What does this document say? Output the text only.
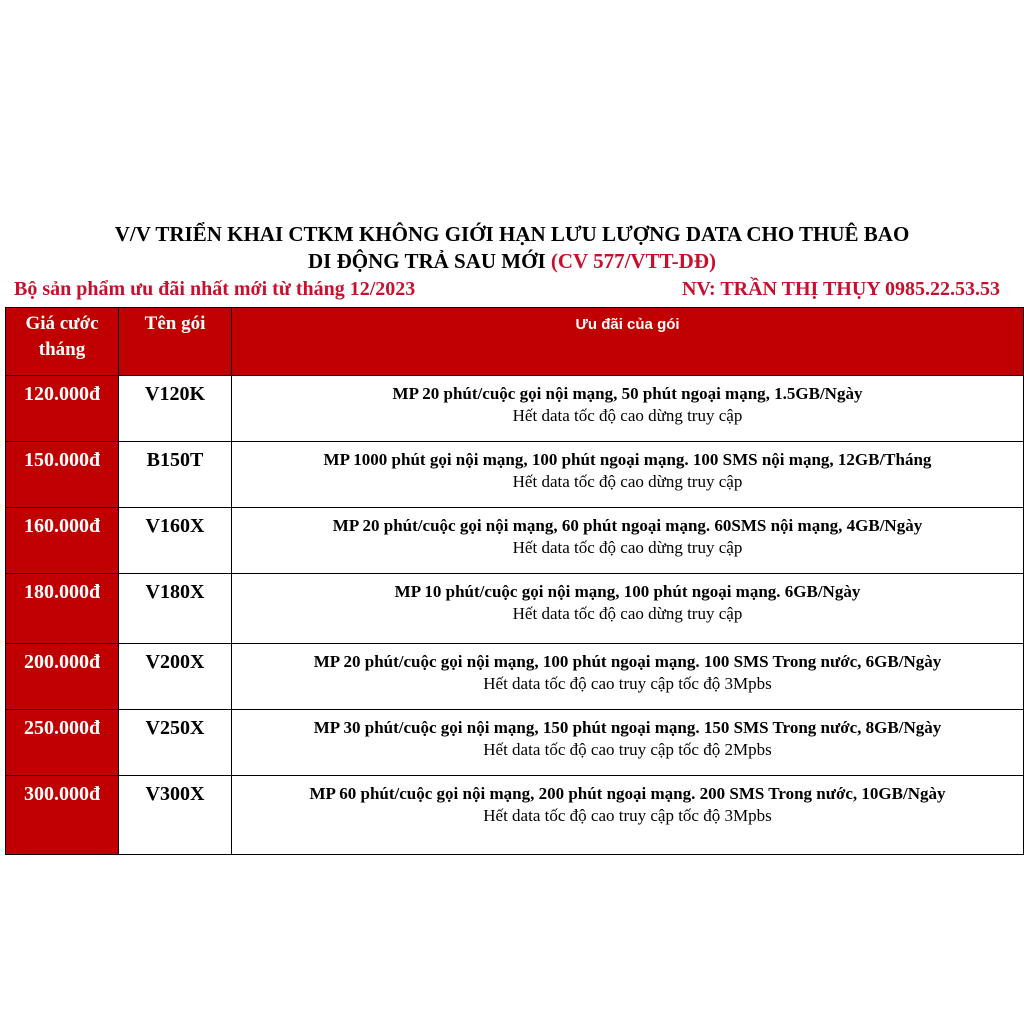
V/V TRIỂN KHAI CTKM KHÔNG GIỚI HẠN LƯU LƯỢNG DATA CHO THUÊ BAO
DI ĐỘNG TRẢ SAU MỚI (CV 577/VTT-DĐ)
Bộ sản phẩm ưu đãi nhất mới từ tháng 12/2023	NV: TRẦN THỊ THỤY 0985.22.53.53
Giá cước tháng	Tên gói	Ưu đãi của gói
120.000đ	V120K	MP 20 phút/cuộc gọi nội mạng, 50 phút ngoại mạng, 1.5GB/Ngày
Hết data tốc độ cao dừng truy cập

150.000đ	B150T	MP 1000 phút gọi nội mạng, 100 phút ngoại mạng. 100 SMS nội mạng, 12GB/Tháng
Hết data tốc độ cao dừng truy cập

160.000đ	V160X	MP 20 phút/cuộc gọi nội mạng, 60 phút ngoại mạng. 60SMS nội mạng, 4GB/Ngày
Hết data tốc độ cao dừng truy cập

180.000đ	V180X	MP 10 phút/cuộc gọi nội mạng, 100 phút ngoại mạng. 6GB/Ngày
Hết data tốc độ cao dừng truy cập

200.000đ	V200X	MP 20 phút/cuộc gọi nội mạng, 100 phút ngoại mạng. 100 SMS Trong nước, 6GB/Ngày
Hết data tốc độ cao truy cập tốc độ 3Mpbs

250.000đ	V250X	MP 30 phút/cuộc gọi nội mạng, 150 phút ngoại mạng. 150 SMS Trong nước, 8GB/Ngày
Hết data tốc độ cao truy cập tốc độ 2Mpbs

300.000đ	V300X	MP 60 phút/cuộc gọi nội mạng, 200 phút ngoại mạng. 200 SMS Trong nước, 10GB/Ngày
Hết data tốc độ cao truy cập tốc độ 3Mpbs
